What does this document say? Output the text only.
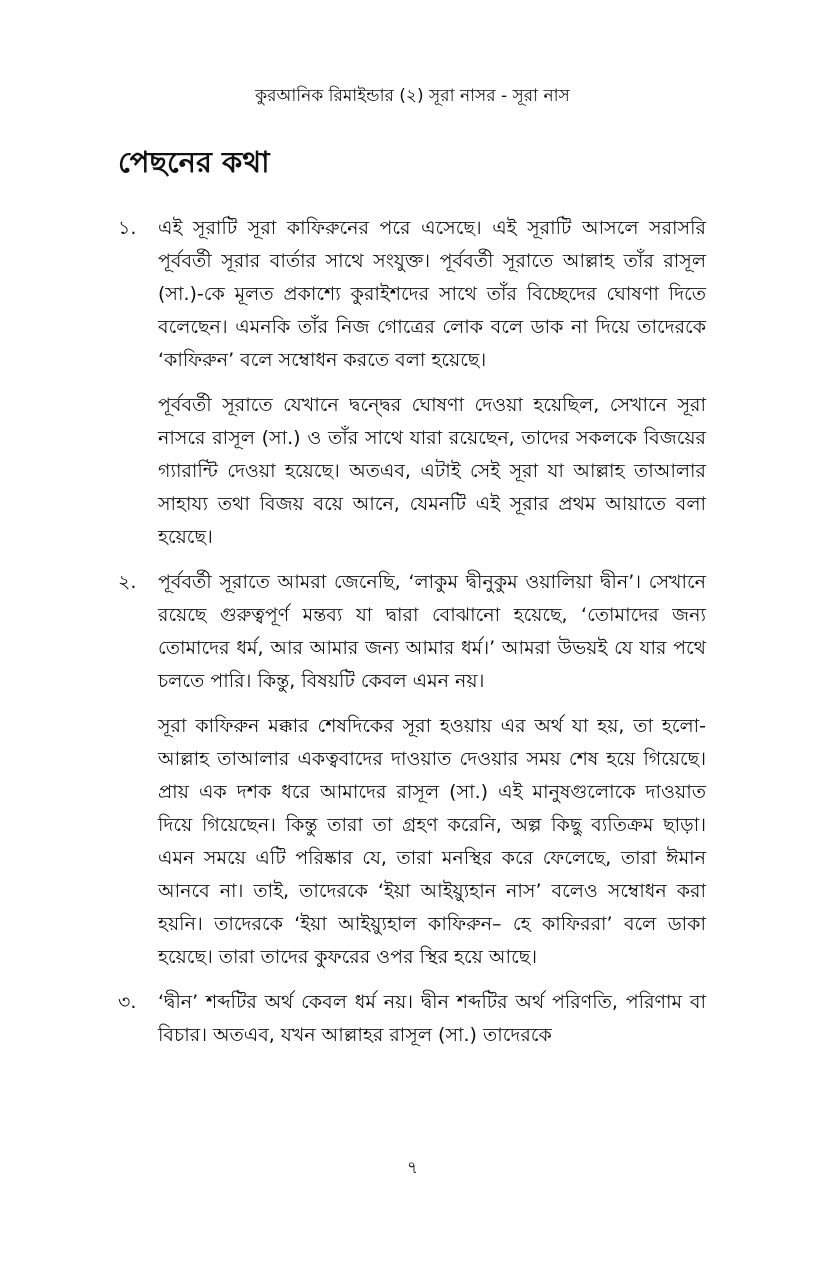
কুরআনিক রিমাইন্ডার (২) সূরা নাসর - সূরা নাস
পেছনের কথা
১.	এই সূরাটি সূরা কাফিরুনের পরে এসেছে। এই সূরাটি আসলে সরাসরি পূর্ববর্তী সূরার বার্তার সাথে সংযুক্ত। পূর্ববর্তী সূরাতে আল্লাহ তাঁর রাসূল (সা.)-কে মূলত প্রকাশ্যে কুরাইশদের সাথে তাঁর বিচ্ছেদের ঘোষণা দিতে বলেছেন। এমনকি তাঁর নিজ গোত্রের লোক বলে ডাক না দিয়ে তাদেরকে ‘কাফিরুন’ বলে সম্বোধন করতে বলা হয়েছে।

পূর্ববর্তী সূরাতে যেখানে দ্বন্দ্বের ঘোষণা দেওয়া হয়েছিল, সেখানে সূরা নাসরে রাসূল (সা.) ও তাঁর সাথে যারা রয়েছেন, তাদের সকলকে বিজয়ের গ্যারান্টি দেওয়া হয়েছে। অতএব, এটাই সেই সূরা যা আল্লাহ তাআলার সাহায্য তথা বিজয় বয়ে আনে, যেমনটি এই সূরার প্রথম আয়াতে বলা হয়েছে।

২.	পূর্ববর্তী সূরাতে আমরা জেনেছি, ‘লাকুম দ্বীনুকুম ওয়ালিয়া দ্বীন’। সেখানে রয়েছে গুরুত্বপূর্ণ মন্তব্য যা দ্বারা বোঝানো হয়েছে, ‘তোমাদের জন্য তোমাদের ধর্ম, আর আমার জন্য আমার ধর্ম।’ আমরা উভয়ই যে যার পথে চলতে পারি। কিন্তু, বিষয়টি কেবল এমন নয়।

সূরা কাফিরুন মক্কার শেষদিকের সূরা হওয়ায় এর অর্থ যা হয়, তা হলো- আল্লাহ তাআলার একত্ববাদের দাওয়াত দেওয়ার সময় শেষ হয়ে গিয়েছে। প্রায় এক দশক ধরে আমাদের রাসূল (সা.) এই মানুষগুলোকে দাওয়াত দিয়ে গিয়েছেন। কিন্তু তারা তা গ্রহণ করেনি, অল্প কিছু ব্যতিক্রম ছাড়া। এমন সময়ে এটি পরিষ্কার যে, তারা মনস্থির করে ফেলেছে, তারা ঈমান আনবে না। তাই, তাদেরকে ‘ইয়া আইয়্যুহান নাস’ বলেও সম্বোধন করা হয়নি। তাদেরকে ‘ইয়া আইয়্যুহাল কাফিরুন– হে কাফিররা’ বলে ডাকা হয়েছে। তারা তাদের কুফরের ওপর স্থির হয়ে আছে।

৩.	‘দ্বীন’ শব্দটির অর্থ কেবল ধর্ম নয়। দ্বীন শব্দটির অর্থ পরিণতি, পরিণাম বা বিচার। অতএব, যখন আল্লাহর রাসূল (সা.) তাদেরকে

৭
